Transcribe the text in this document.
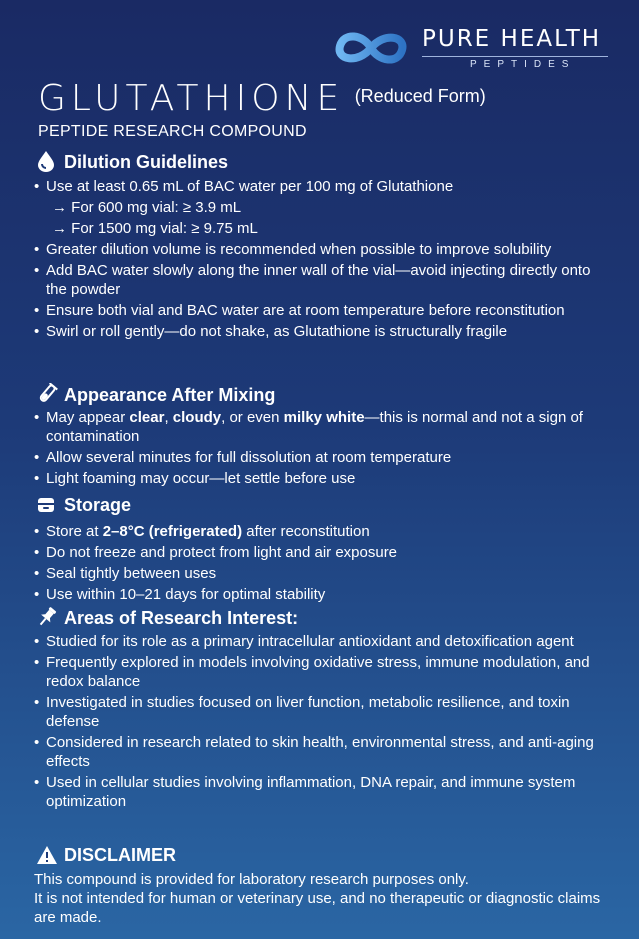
PURE HEALTH
PEPTIDES
GLUTATHIONE (Reduced Form)
PEPTIDE RESEARCH COMPOUND
Dilution Guidelines
• Use at least 0.65 mL of BAC water per 100 mg of Glutathione
→ For 600 mg vial: ≥ 3.9 mL
→ For 1500 mg vial: ≥ 9.75 mL
• Greater dilution volume is recommended when possible to improve solubility
• Add BAC water slowly along the inner wall of the vial—avoid injecting directly onto the powder
• Ensure both vial and BAC water are at room temperature before reconstitution
• Swirl or roll gently—do not shake, as Glutathione is structurally fragile
Appearance After Mixing
• May appear clear, cloudy, or even milky white—this is normal and not a sign of contamination
• Allow several minutes for full dissolution at room temperature
• Light foaming may occur—let settle before use
Storage
• Store at 2–8°C (refrigerated) after reconstitution
• Do not freeze and protect from light and air exposure
• Seal tightly between uses
• Use within 10–21 days for optimal stability
Areas of Research Interest:
• Studied for its role as a primary intracellular antioxidant and detoxification agent
• Frequently explored in models involving oxidative stress, immune modulation, and redox balance
• Investigated in studies focused on liver function, metabolic resilience, and toxin defense
• Considered in research related to skin health, environmental stress, and anti-aging effects
• Used in cellular studies involving inflammation, DNA repair, and immune system optimization
DISCLAIMER
This compound is provided for laboratory research purposes only.
It is not intended for human or veterinary use, and no therapeutic or diagnostic claims are made.
